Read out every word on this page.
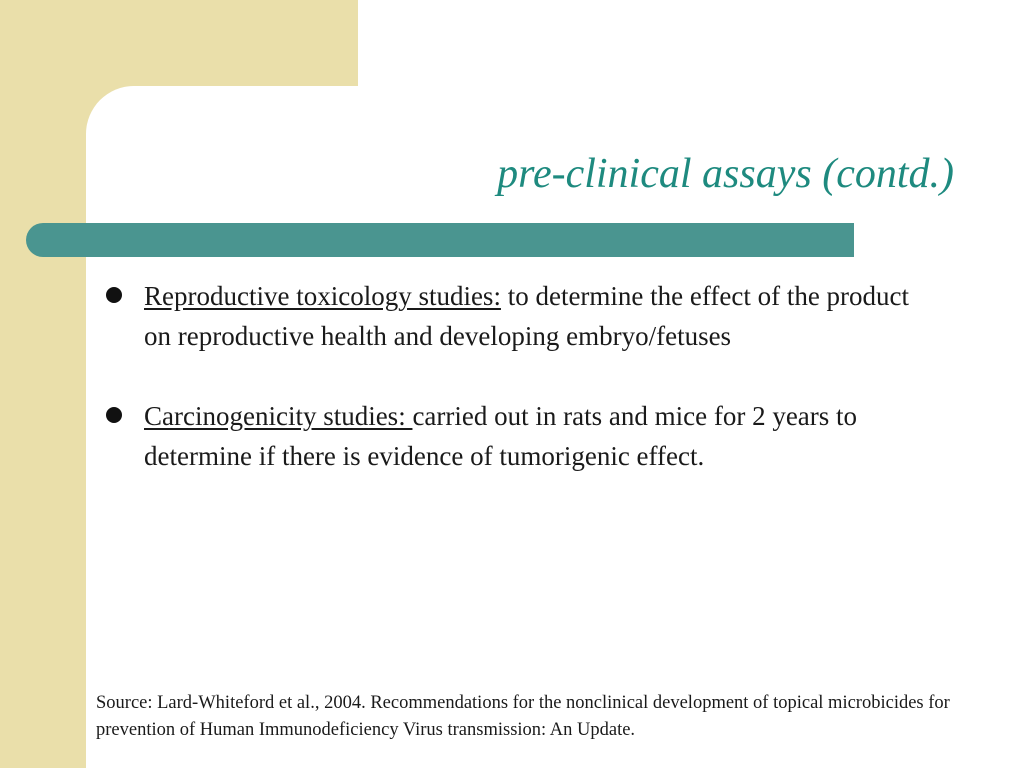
pre-clinical assays (contd.)
Reproductive toxicology studies: to determine the effect of the product on reproductive health and developing embryo/fetuses
Carcinogenicity studies: carried out in rats and mice for 2 years to determine if there is evidence of tumorigenic effect.

Source: Lard-Whiteford et al., 2004. Recommendations for the nonclinical development of topical microbicides for prevention of Human Immunodeficiency Virus transmission: An Update.
